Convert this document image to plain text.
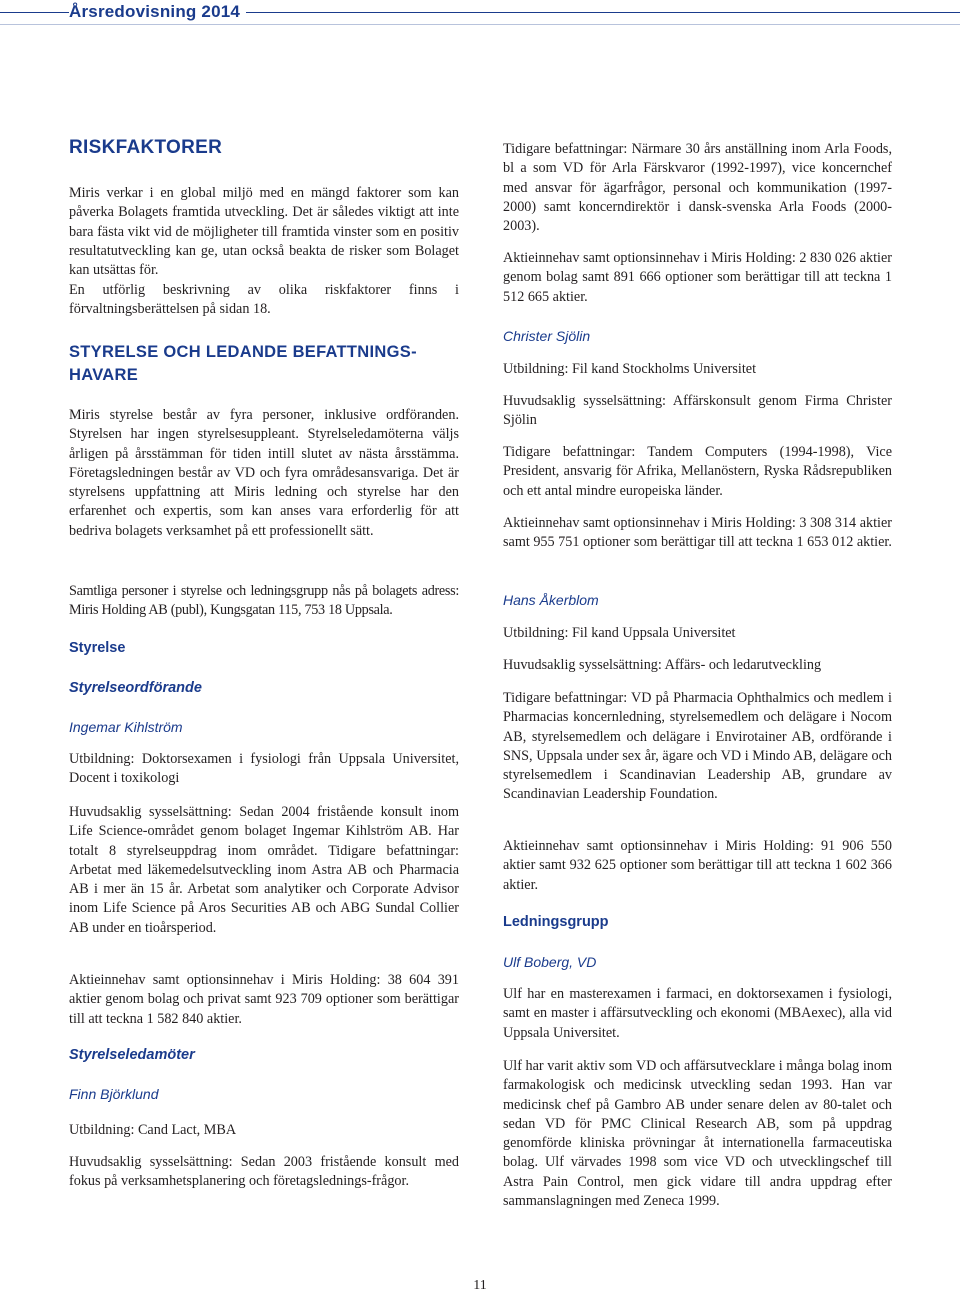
Årsredovisning 2014
RISKFAKTORER

Miris verkar i en global miljö med en mängd faktorer som kan påverka Bolagets framtida utveckling. Det är således viktigt att inte bara fästa vikt vid de möjligheter till framtida vinster som en positiv resultatutveckling kan ge, utan också beakta de risker som Bolaget kan utsättas för.

En utförlig beskrivning av olika riskfaktorer finns i förvaltningsberättelsen på sidan 18.

STYRELSE OCH LEDANDE BEFATTNINGS-HAVARE

Miris styrelse består av fyra personer, inklusive ordföranden. Styrelsen har ingen styrelsesuppleant. Styrelseledamöterna väljs årligen på årsstämman för tiden intill slutet av nästa årsstämma. Företagsledningen består av VD och fyra områdesansvariga. Det är styrelsens uppfattning att Miris ledning och styrelse har den erfarenhet och expertis, som kan anses vara erforderlig för att bedriva bolagets verksamhet på ett professionellt sätt.

Samtliga personer i styrelse och ledningsgrupp nås på bolagets adress: Miris Holding AB (publ), Kungsgatan 115, 753 18 Uppsala.

Styrelse
Styrelseordförande
Ingemar Kihlström

Utbildning: Doktorsexamen i fysiologi från Uppsala Universitet, Docent i toxikologi

Huvudsaklig sysselsättning: Sedan 2004 fristående konsult inom Life Science-området genom bolaget Ingemar Kihlström AB. Har totalt 8 styrelseuppdrag inom området. Tidigare befattningar: Arbetat med läkemedelsutveckling inom Astra AB och Pharmacia AB i mer än 15 år. Arbetat som analytiker och Corporate Advisor inom Life Science på Aros Securities AB och ABG Sundal Collier AB under en tioårsperiod.

Aktieinnehav samt optionsinnehav i Miris Holding: 38 604 391 aktier genom bolag och privat samt 923 709 optioner som berättigar till att teckna 1 582 840 aktier.

Styrelseledamöter
Finn Björklund

Utbildning: Cand Lact, MBA

Huvudsaklig sysselsättning: Sedan 2003 fristående konsult med fokus på verksamhetsplanering och företagslednings-frågor.

Tidigare befattningar: Närmare 30 års anställning inom Arla Foods, bl a som VD för Arla Färskvaror (1992-1997), vice koncernchef med ansvar för ägarfrågor, personal och kommunikation (1997-2000) samt koncerndirektör i dansk-svenska Arla Foods (2000-2003).

Aktieinnehav samt optionsinnehav i Miris Holding: 2 830 026 aktier genom bolag samt 891 666 optioner som berättigar till att teckna 1 512 665 aktier.

Christer Sjölin

Utbildning: Fil kand Stockholms Universitet

Huvudsaklig sysselsättning: Affärskonsult genom Firma Christer Sjölin

Tidigare befattningar: Tandem Computers (1994-1998), Vice President, ansvarig för Afrika, Mellanöstern, Ryska Rådsrepubliken och ett antal mindre europeiska länder.

Aktieinnehav samt optionsinnehav i Miris Holding: 3 308 314 aktier samt 955 751 optioner som berättigar till att teckna 1 653 012 aktier.

Hans Åkerblom

Utbildning: Fil kand Uppsala Universitet

Huvudsaklig sysselsättning: Affärs- och ledarutveckling

Tidigare befattningar: VD på Pharmacia Ophthalmics och medlem i Pharmacias koncernledning, styrelsemedlem och delägare i Nocom AB, styrelsemedlem och delägare i Envirotainer AB, ordförande i SNS, Uppsala under sex år, ägare och VD i Mindo AB, delägare och styrelsemedlem i Scandinavian Leadership AB, grundare av Scandinavian Leadership Foundation.

Aktieinnehav samt optionsinnehav i Miris Holding: 91 906 550 aktier samt 932 625 optioner som berättigar till att teckna 1 602 366 aktier.

Ledningsgrupp
Ulf Boberg, VD

Ulf har en masterexamen i farmaci, en doktorsexamen i fysiologi, samt en master i affärsutveckling och ekonomi (MBAexec), alla vid Uppsala Universitet.

Ulf har varit aktiv som VD och affärsutvecklare i många bolag inom farmakologisk och medicinsk utveckling sedan 1993. Han var medicinsk chef på Gambro AB under senare delen av 80-talet och sedan VD för PMC Clinical Research AB, som på uppdrag genomförde kliniska prövningar åt internationella farmaceutiska bolag. Ulf värvades 1998 som vice VD och utvecklingschef till Astra Pain Control, men gick vidare till andra uppdrag efter sammanslagningen med Zeneca 1999.

11
